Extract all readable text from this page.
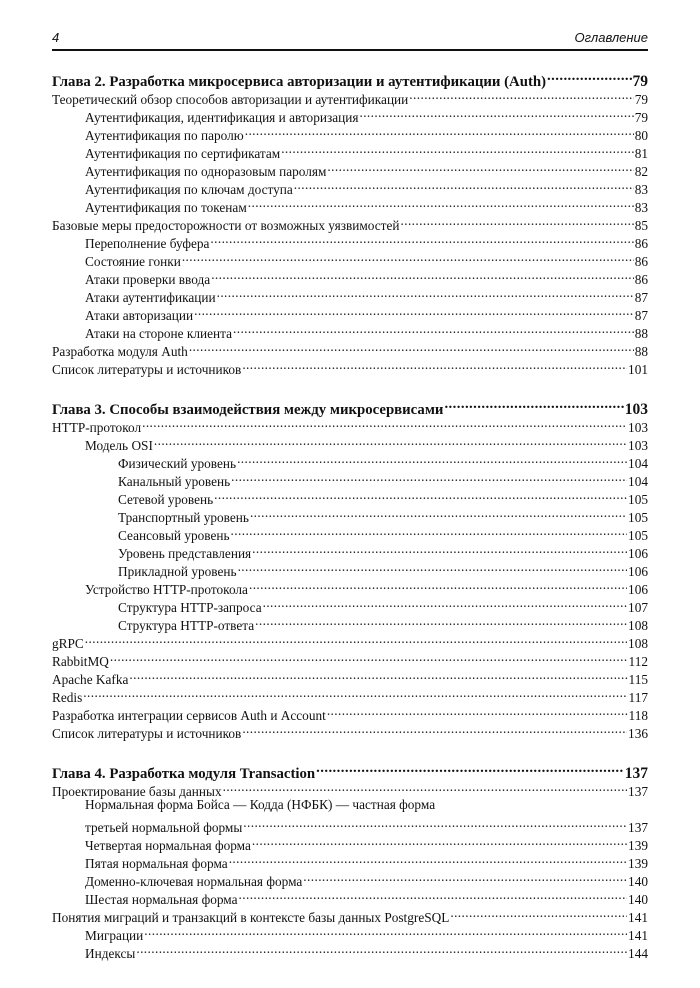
4	Оглавление
Глава 2. Разработка микросервиса авторизации и аутентификации (Auth) .....	79
Теоретический обзор способов авторизации и аутентификации .....	79
Аутентификация, идентификация и авторизация .....	79
Аутентификация по паролю .....	80
Аутентификация по сертификатам .....	81
Аутентификация по одноразовым паролям .....	82
Аутентификация по ключам доступа .....	83
Аутентификация по токенам .....	83
Базовые меры предосторожности от возможных уязвимостей .....	85
Переполнение буфера .....	86
Состояние гонки .....	86
Атаки проверки ввода .....	86
Атаки аутентификации .....	87
Атаки авторизации .....	87
Атаки на стороне клиента .....	88
Разработка модуля Auth .....	88
Список литературы и источников .....	101
Глава 3. Способы взаимодействия между микросервисами .....	103
HTTP-протокол .....	103
Модель OSI .....	103
Физический уровень .....	104
Канальный уровень .....	104
Сетевой уровень .....	105
Транспортный уровень .....	105
Сеансовый уровень .....	105
Уровень представления .....	106
Прикладной уровень .....	106
Устройство HTTP-протокола .....	106
Структура HTTP-запроса .....	107
Структура HTTP-ответа .....	108
gRPC .....	108
RabbitMQ .....	112
Apache Kafka .....	115
Redis .....	117
Разработка интеграции сервисов Auth и Account .....	118
Список литературы и источников .....	136
Глава 4. Разработка модуля Transaction .....	137
Проектирование базы данных .....	137
Нормальная форма Бойса — Кодда (НФБК) — частная форма
третьей нормальной формы .....	137
Четвертая нормальная форма .....	139
Пятая нормальная форма .....	139
Доменно-ключевая нормальная форма .....	140
Шестая нормальная форма .....	140
Понятия миграций и транзакций в контексте базы данных PostgreSQL .....	141
Миграции .....	141
Индексы .....	144
